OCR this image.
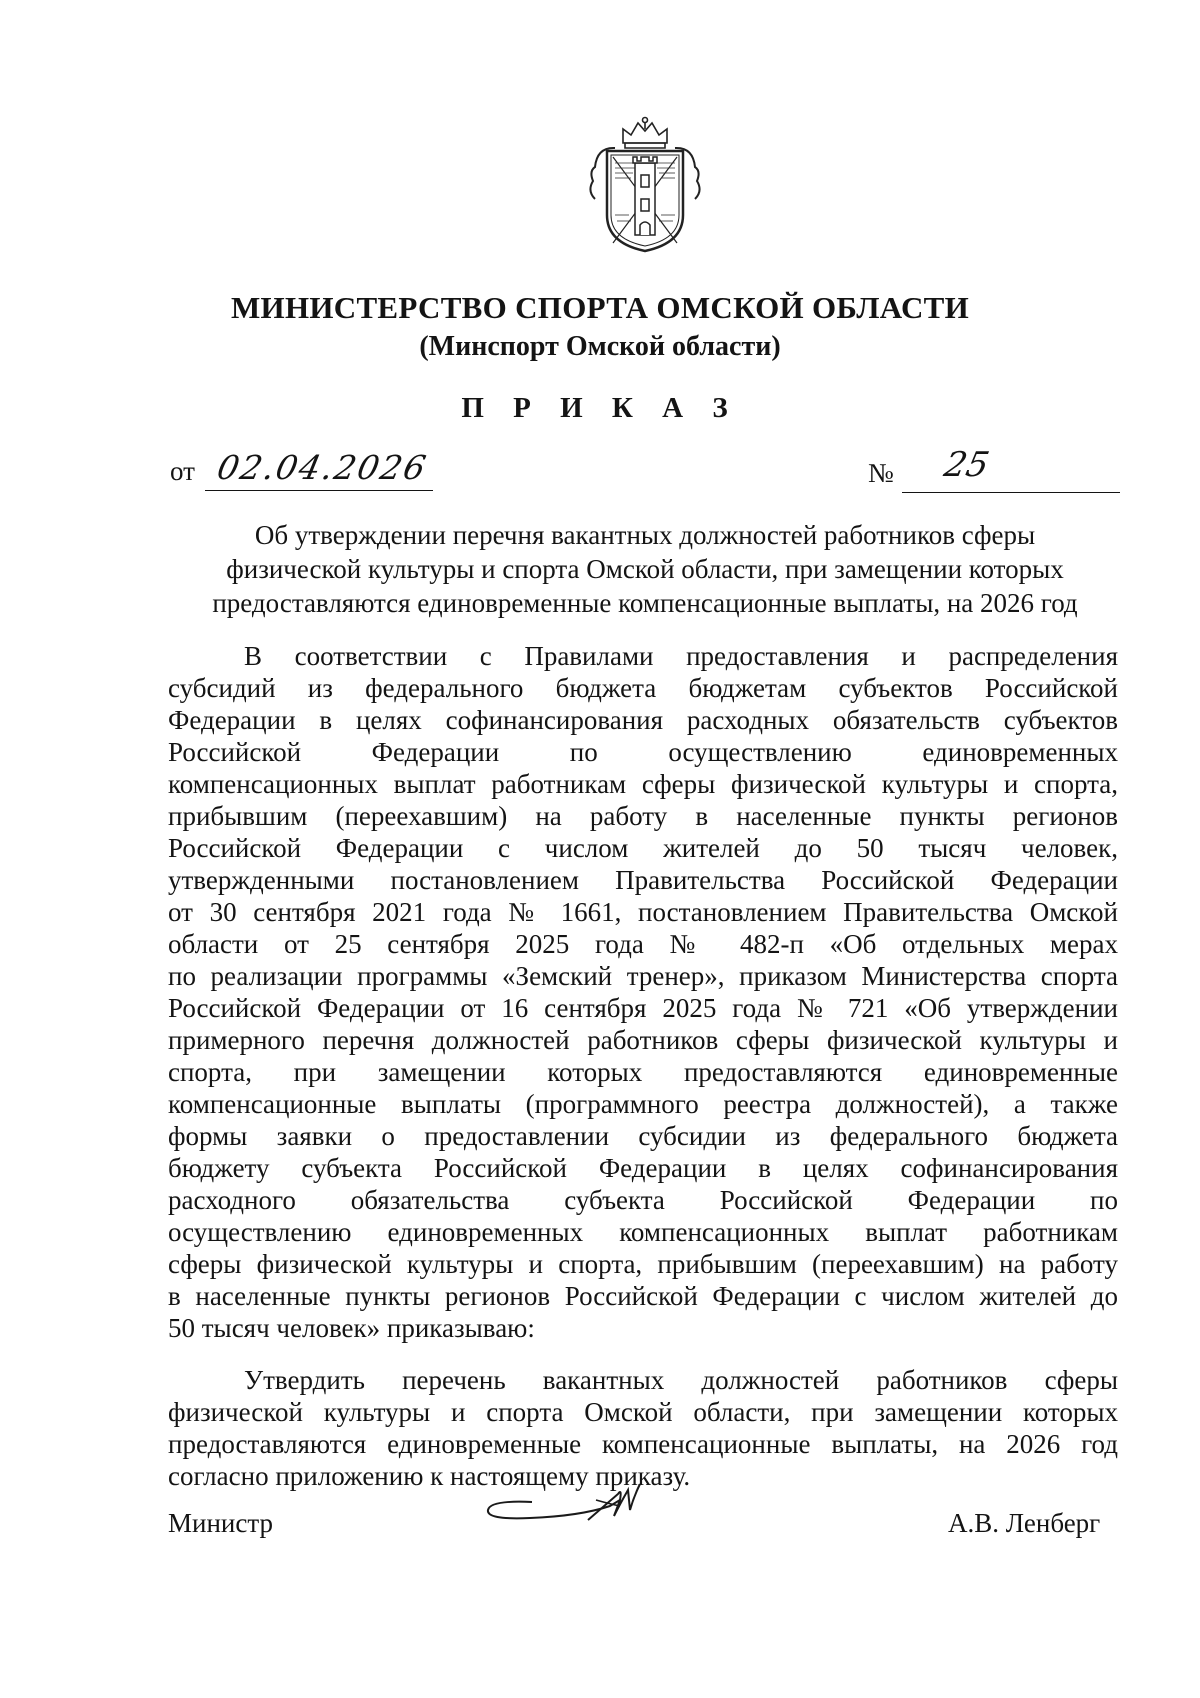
МИНИСТЕРСТВО СПОРТА ОМСКОЙ ОБЛАСТИ
(Минспорт Омской области)
П Р И К А З
от 02.04.2026	№ 25
Об утверждении перечня вакантных должностей работников сферы
физической культуры и спорта Омской области, при замещении которых
предоставляются единовременные компенсационные выплаты, на 2026 год
В соответствии с Правилами предоставления и распределения
субсидий из федерального бюджета бюджетам субъектов Российской
Федерации в целях софинансирования расходных обязательств субъектов
Российской Федерации по осуществлению единовременных
компенсационных выплат работникам сферы физической культуры и спорта,
прибывшим (переехавшим) на работу в населенные пункты регионов
Российской Федерации с числом жителей до 50 тысяч человек,
утвержденными постановлением Правительства Российской Федерации
от 30 сентября 2021 года № 1661, постановлением Правительства Омской
области от 25 сентября 2025 года № 482-п «Об отдельных мерах
по реализации программы «Земский тренер», приказом Министерства спорта
Российской Федерации от 16 сентября 2025 года № 721 «Об утверждении
примерного перечня должностей работников сферы физической культуры и
спорта, при замещении которых предоставляются единовременные
компенсационные выплаты (программного реестра должностей), а также
формы заявки о предоставлении субсидии из федерального бюджета
бюджету субъекта Российской Федерации в целях софинансирования
расходного обязательства субъекта Российской Федерации по
осуществлению единовременных компенсационных выплат работникам
сферы физической культуры и спорта, прибывшим (переехавшим) на работу
в населенные пункты регионов Российской Федерации с числом жителей до
50 тысяч человек» приказываю:
Утвердить перечень вакантных должностей работников сферы
физической культуры и спорта Омской области, при замещении которых
предоставляются единовременные компенсационные выплаты, на 2026 год
согласно приложению к настоящему приказу.
Министр	А.В. Ленберг
